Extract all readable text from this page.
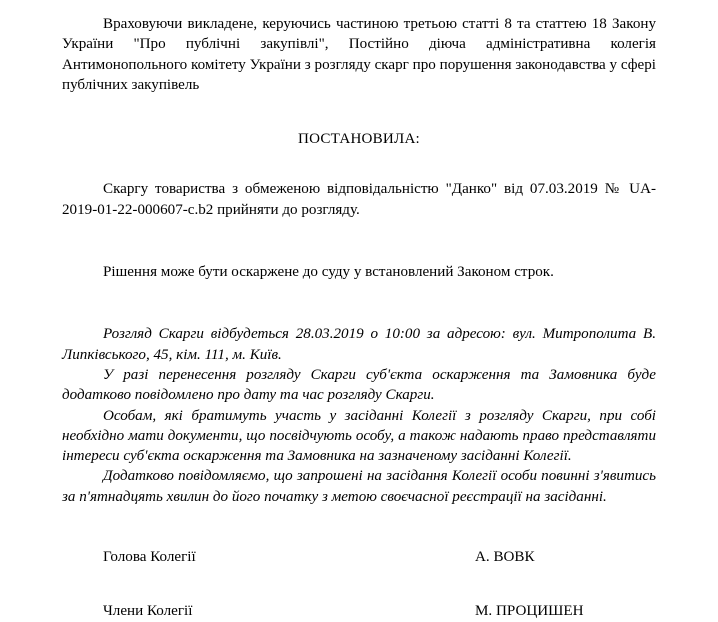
Враховуючи викладене, керуючись частиною третьою статті 8 та статтею 18 Закону України "Про публічні закупівлі", Постійно діюча адміністративна колегія Антимонопольного комітету України з розгляду скарг про порушення законодавства у сфері публічних закупівель

ПОСТАНОВИЛА:

Скаргу товариства з обмеженою відповідальністю "Данко" від 07.03.2019 № UA-2019-01-22-000607-c.b2 прийняти до розгляду.

Рішення може бути оскаржене до суду у встановлений Законом строк.

Розгляд Скарги відбудеться 28.03.2019 о 10:00 за адресою: вул. Митрополита В. Липківського, 45, кім. 111, м. Київ.

У разі перенесення розгляду Скарги суб'єкта оскарження та Замовника буде додатково повідомлено про дату та час розгляду Скарги.

Особам, які братимуть участь у засіданні Колегії з розгляду Скарги, при собі необхідно мати документи, що посвідчують особу, а також надають право представляти інтереси суб'єкта оскарження та Замовника на зазначеному засіданні Колегії.

Додатково повідомляємо, що запрошені на засідання Колегії особи повинні з'явитись за п'ятнадцять хвилин до його початку з метою своєчасної реєстрації на засіданні.

Голова Колегії	А. ВОВК
Члени Колегії	М. ПРОЦИШЕН
